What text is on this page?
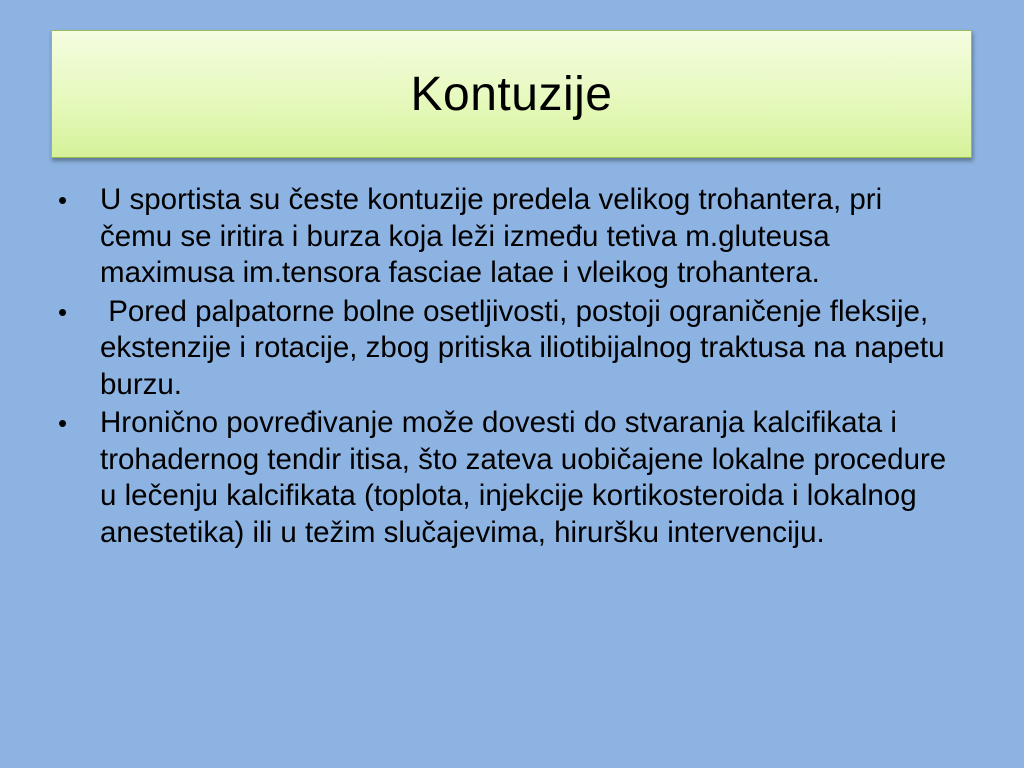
Kontuzije
• U sportista su česte kontuzije predela velikog trohantera, pri čemu se iritira i burza koja leži između tetiva m.gluteusa maximusa im.tensora fasciae latae i vleikog trohantera.
• Pored palpatorne bolne osetljivosti, postoji ograničenje fleksije, ekstenzije i rotacije, zbog pritiska iliotibijalnog traktusa na napetu burzu.
• Hronično povređivanje može dovesti do stvaranja kalcifikata i trohadernog tendir itisa, što zateva uobičajene lokalne procedure u lečenju kalcifikata (toplota, injekcije kortikosteroida i lokalnog anestetika) ili u težim slučajevima, hiruršku intervenciju.
